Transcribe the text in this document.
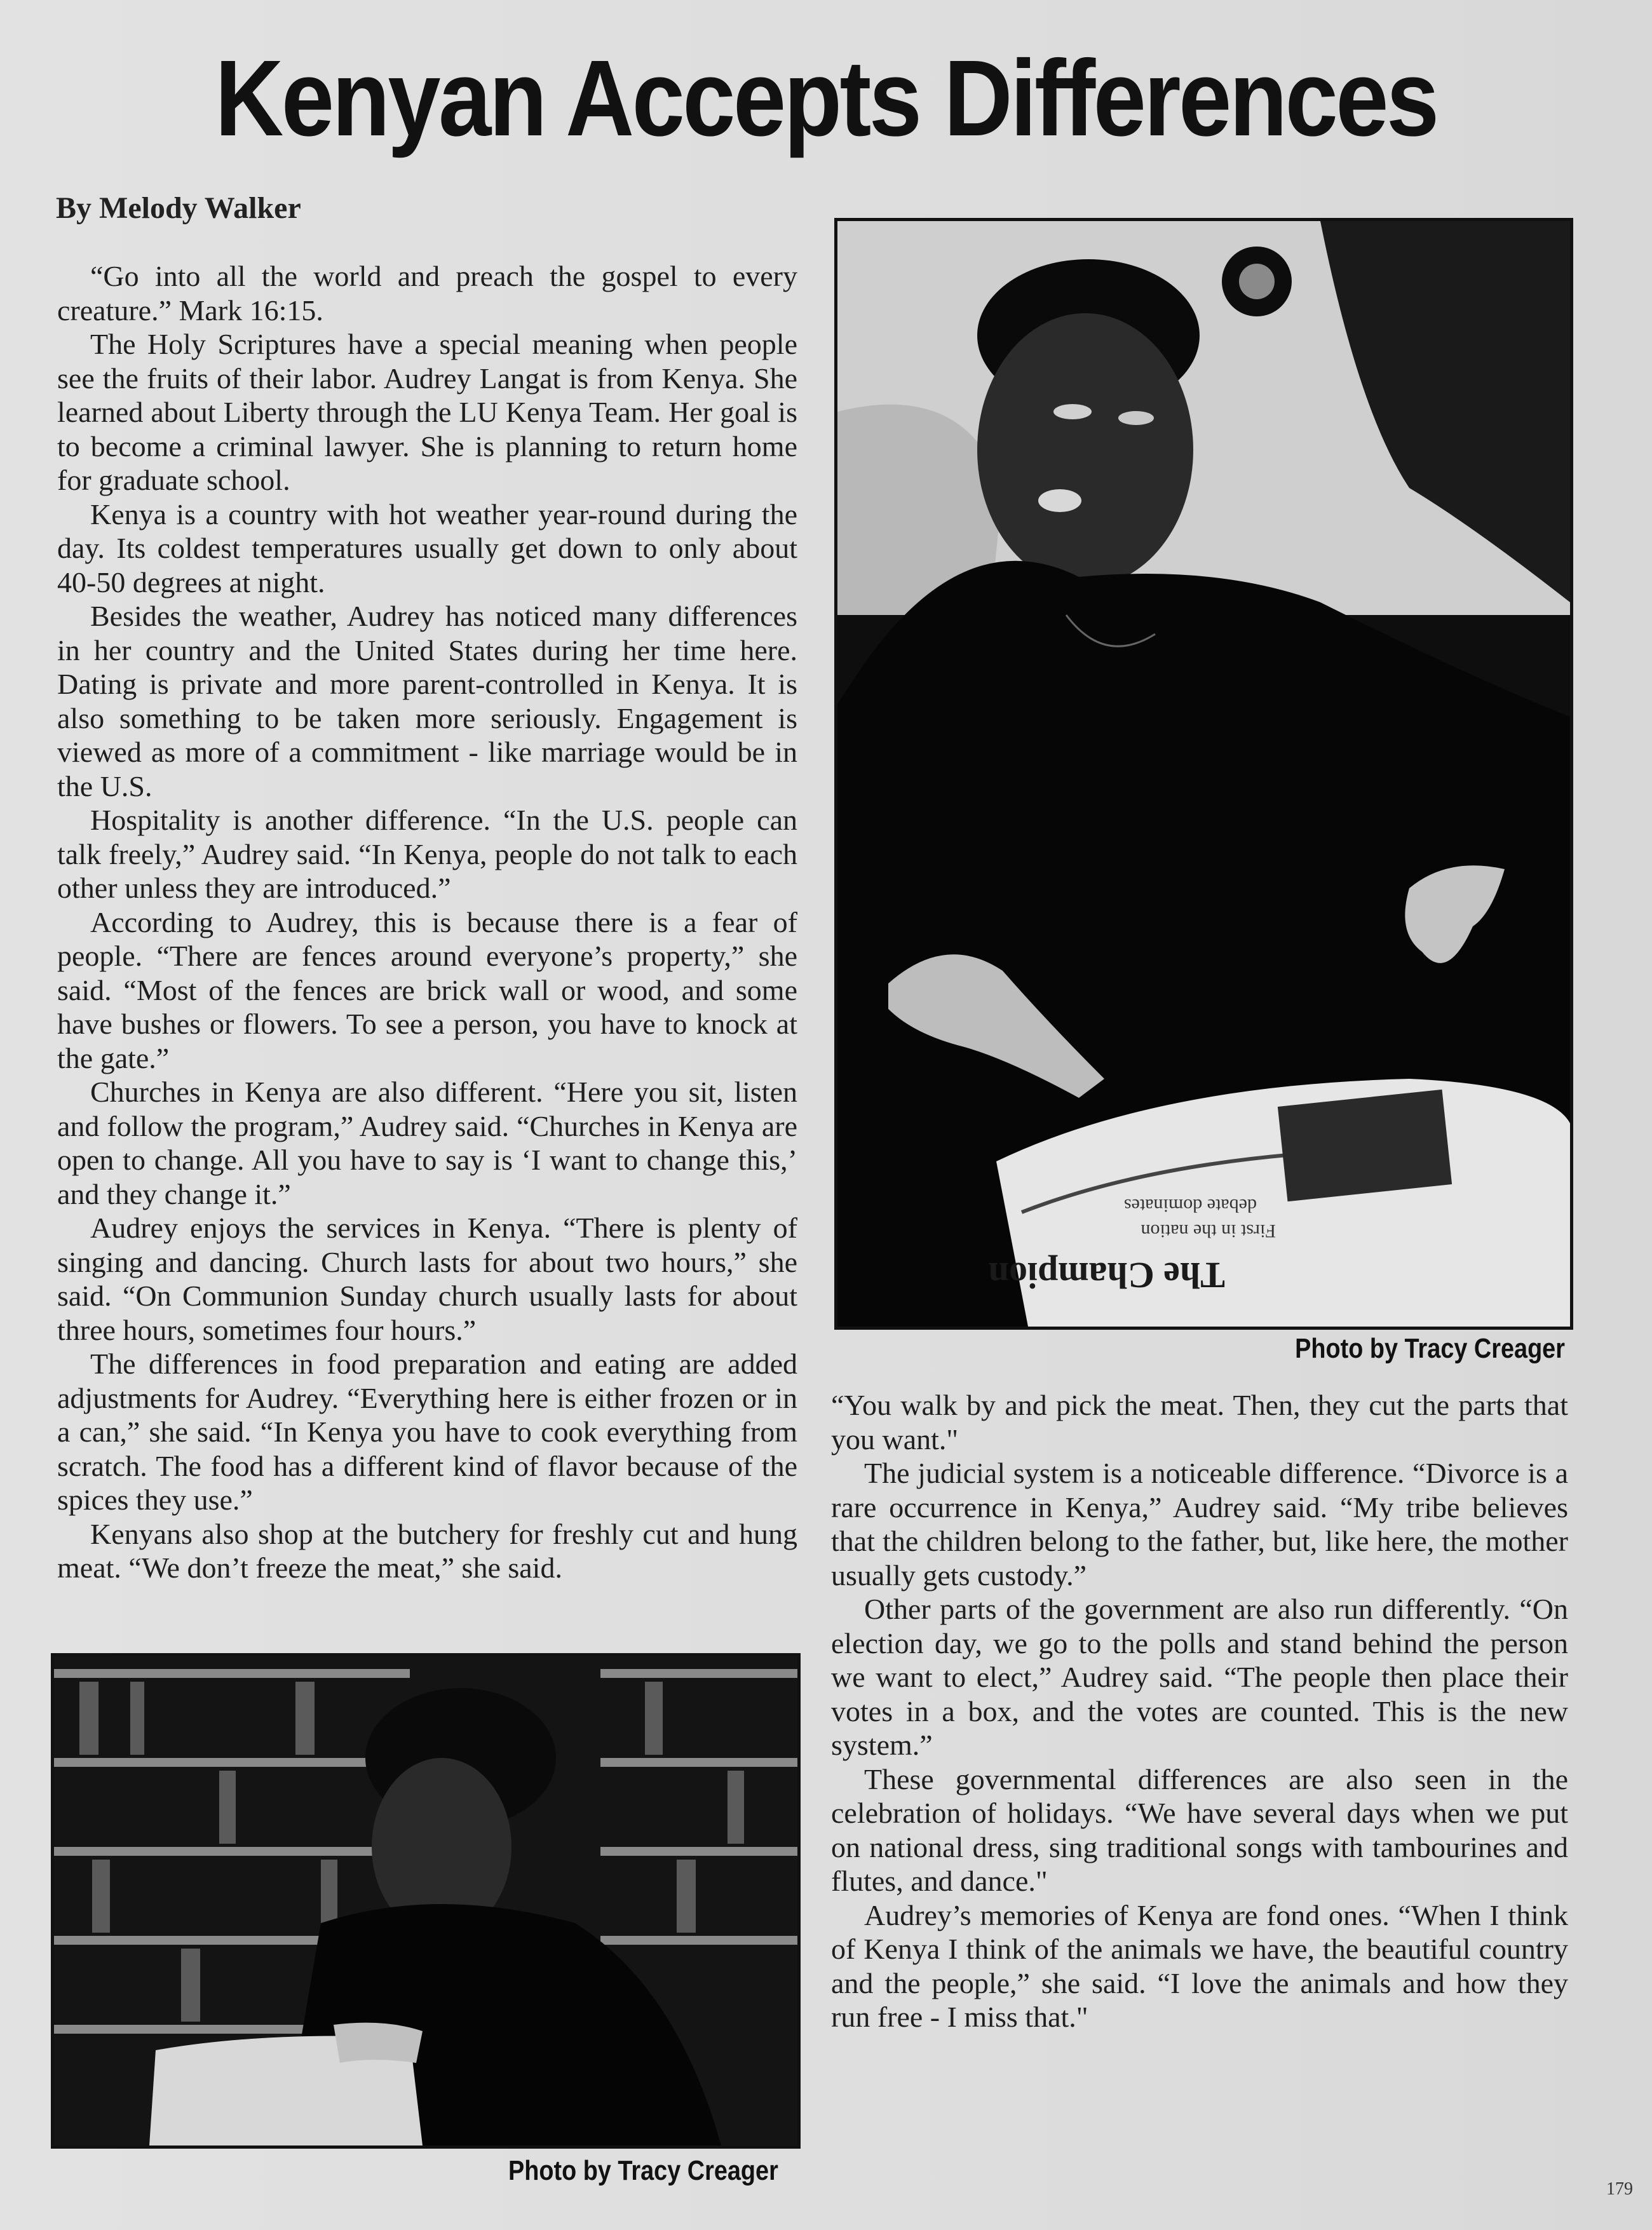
Kenyan Accepts Differences
By Melody Walker

“Go into all the world and preach the gospel to every creature.” Mark 16:15.

The Holy Scriptures have a special meaning when people see the fruits of their labor. Audrey Langat is from Kenya. She learned about Liberty through the LU Kenya Team. Her goal is to become a criminal lawyer. She is planning to return home for graduate school.

Kenya is a country with hot weather year-round during the day. Its coldest temperatures usually get down to only about 40-50 degrees at night.

Besides the weather, Audrey has noticed many differences in her country and the United States during her time here. Dating is private and more parent-controlled in Kenya. It is also something to be taken more seriously. Engagement is viewed as more of a commitment - like marriage would be in the U.S.

Hospitality is another difference. “In the U.S. people can talk freely,” Audrey said. “In Kenya, people do not talk to each other unless they are introduced.”

According to Audrey, this is because there is a fear of people. “There are fences around everyone’s property,” she said. “Most of the fences are brick wall or wood, and some have bushes or flowers. To see a person, you have to knock at the gate.”

Churches in Kenya are also different. “Here you sit, listen and follow the program,” Audrey said. “Churches in Kenya are open to change. All you have to say is ‘I want to change this,’ and they change it.”

Audrey enjoys the services in Kenya. “There is plenty of singing and dancing. Church lasts for about two hours,” she said. “On Communion Sunday church usually lasts for about three hours, sometimes four hours.”

The differences in food preparation and eating are added adjustments for Audrey. “Everything here is either frozen or in a can,” she said. “In Kenya you have to cook everything from scratch. The food has a different kind of flavor because of the spices they use.”

Kenyans also shop at the butchery for freshly cut and hung meat. “We don’t freeze the meat,” she said.

The Champion
First in the nation
debate dominates
Photo by Tracy Creager

“You walk by and pick the meat. Then, they cut the parts that you want."

The judicial system is a noticeable difference. “Divorce is a rare occurrence in Kenya,” Audrey said. “My tribe believes that the children belong to the father, but, like here, the mother usually gets custody.”

Other parts of the government are also run differently. “On election day, we go to the polls and stand behind the person we want to elect,” Audrey said. “The people then place their votes in a box, and the votes are counted. This is the new system.”

These governmental differences are also seen in the celebration of holidays. “We have several days when we put on national dress, sing traditional songs with tambourines and flutes, and dance."

Audrey’s memories of Kenya are fond ones. “When I think of Kenya I think of the animals we have, the beautiful country and the people,” she said. “I love the animals and how they run free - I miss that."

Photo by Tracy Creager
179
